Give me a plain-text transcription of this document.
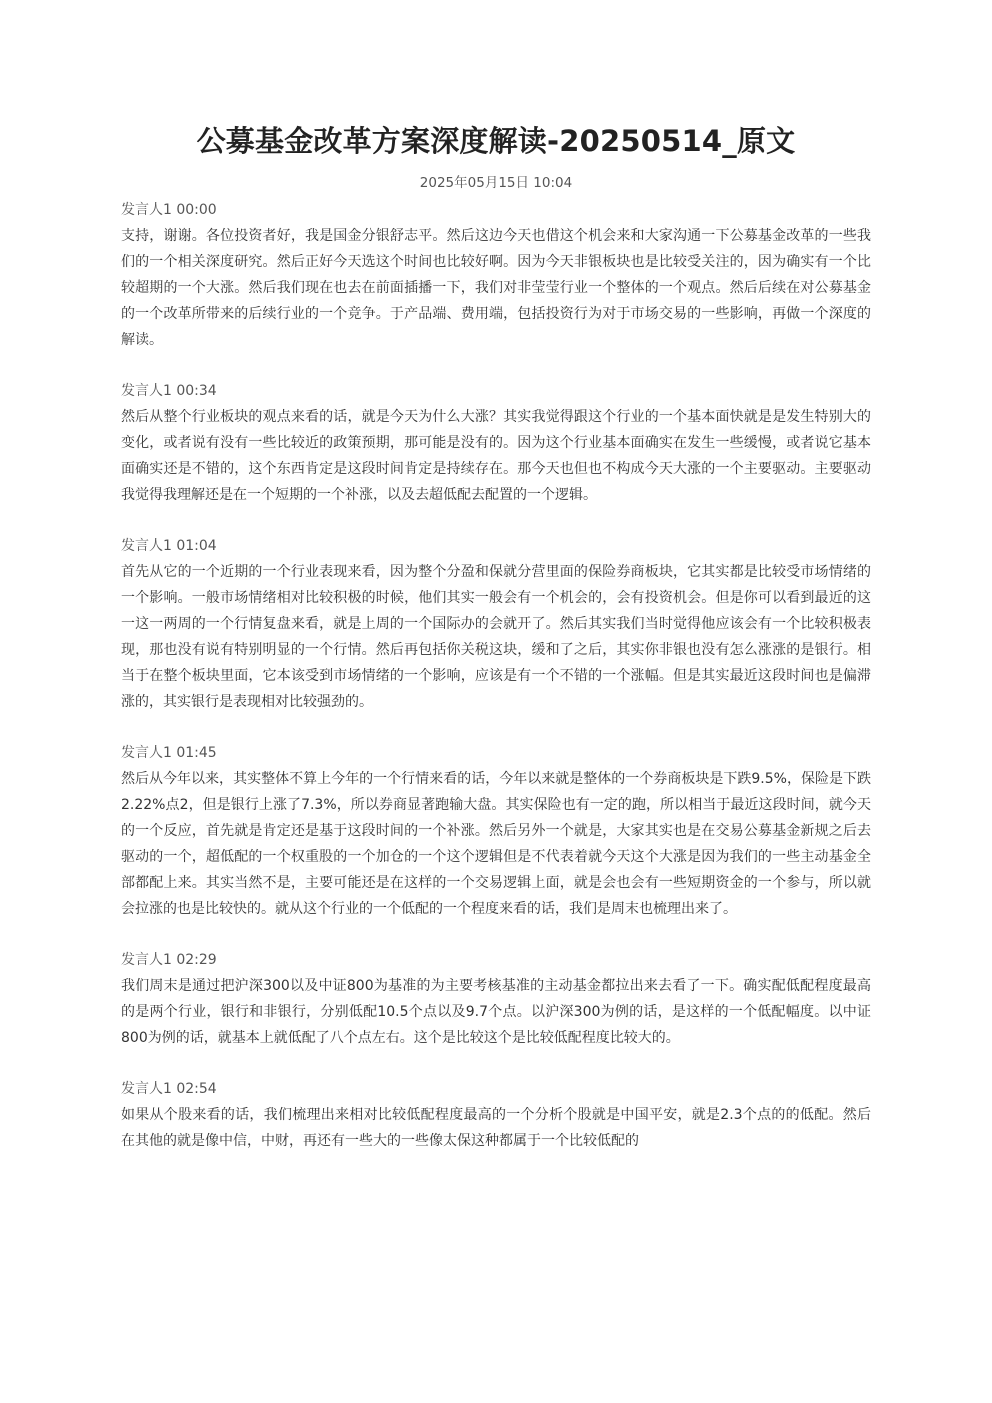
公募基金改革方案深度解读-20250514_原文
2025年05月15日 10:04
发言人1 00:00

支持，谢谢。各位投资者好，我是国金分银舒志平。然后这边今天也借这个机会来和大家沟通一下公募基金改革的一些我们的一个相关深度研究。然后正好今天选这个时间也比较好啊。因为今天非银板块也是比较受关注的，因为确实有一个比较超期的一个大涨。然后我们现在也去在前面插播一下，我们对非莹莹行业一个整体的一个观点。然后后续在对公募基金的一个改革所带来的后续行业的一个竞争。于产品端、费用端，包括投资行为对于市场交易的一些影响，再做一个深度的解读。

发言人1 00:34

然后从整个行业板块的观点来看的话，就是今天为什么大涨？其实我觉得跟这个行业的一个基本面快就是是发生特别大的变化，或者说有没有一些比较近的政策预期，那可能是没有的。因为这个行业基本面确实在发生一些缓慢，或者说它基本面确实还是不错的，这个东西肯定是这段时间肯定是持续存在。那今天也但也不构成今天大涨的一个主要驱动。主要驱动我觉得我理解还是在一个短期的一个补涨，以及去超低配去配置的一个逻辑。

发言人1 01:04

首先从它的一个近期的一个行业表现来看，因为整个分盈和保就分营里面的保险券商板块，它其实都是比较受市场情绪的一个影响。一般市场情绪相对比较积极的时候，他们其实一般会有一个机会的，会有投资机会。但是你可以看到最近的这一这一两周的一个行情复盘来看，就是上周的一个国际办的会就开了。然后其实我们当时觉得他应该会有一个比较积极表现，那也没有说有特别明显的一个行情。然后再包括你关税这块，缓和了之后，其实你非银也没有怎么涨涨的是银行。相当于在整个板块里面，它本该受到市场情绪的一个影响，应该是有一个不错的一个涨幅。但是其实最近这段时间也是偏滞涨的，其实银行是表现相对比较强劲的。

发言人1 01:45

然后从今年以来，其实整体不算上今年的一个行情来看的话，今年以来就是整体的一个券商板块是下跌9.5%，保险是下跌2.22%点2，但是银行上涨了7.3%，所以券商显著跑输大盘。其实保险也有一定的跑，所以相当于最近这段时间，就今天的一个反应，首先就是肯定还是基于这段时间的一个补涨。然后另外一个就是，大家其实也是在交易公募基金新规之后去驱动的一个，超低配的一个权重股的一个加仓的一个这个逻辑但是不代表着就今天这个大涨是因为我们的一些主动基金全部都配上来。其实当然不是，主要可能还是在这样的一个交易逻辑上面，就是会也会有一些短期资金的一个参与，所以就会拉涨的也是比较快的。就从这个行业的一个低配的一个程度来看的话，我们是周末也梳理出来了。

发言人1 02:29

我们周末是通过把沪深300以及中证800为基准的为主要考核基准的主动基金都拉出来去看了一下。确实配低配程度最高的是两个行业，银行和非银行，分别低配10.5个点以及9.7个点。以沪深300为例的话，是这样的一个低配幅度。以中证800为例的话，就基本上就低配了八个点左右。这个是比较这个是比较低配程度比较大的。

发言人1 02:54

如果从个股来看的话，我们梳理出来相对比较低配程度最高的一个分析个股就是中国平安，就是2.3个点的的低配。然后在其他的就是像中信，中财，再还有一些大的一些像太保这种都属于一个比较低配的
